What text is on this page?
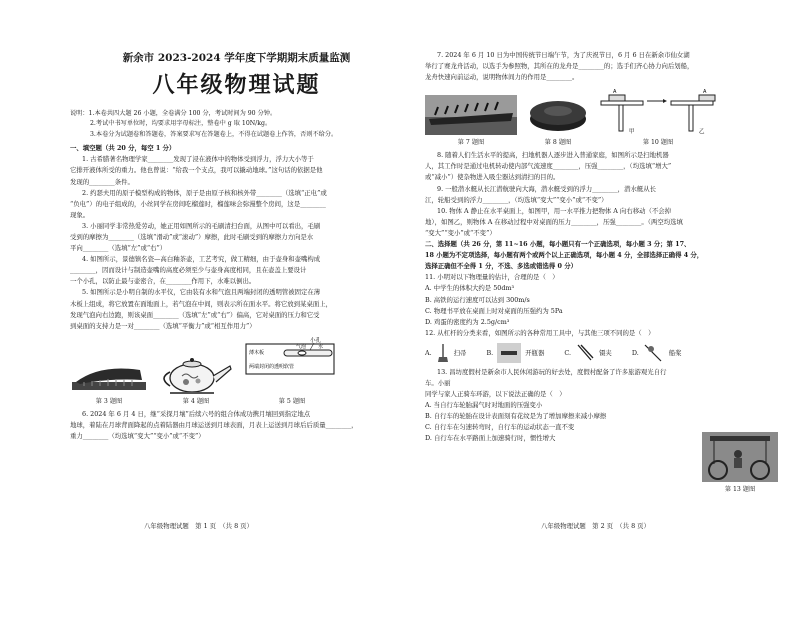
新余市 2023-2024 学年度下学期期末质量监测

八年级物理试题

说明：1.本卷共四大题 26 小题，全卷满分 100 分，考试时间为 90 分钟。

2.考试中书写单位时，均要求用字母标注，整卷中 g 取 10N/kg。

3.本卷分为试题卷和答题卷，答案要求写在答题卷上，不得在试题卷上作答，否则不给分。

一、填空题（共 20 分，每空 1 分）

1. 古希腊著名物理学家________发现了浸在液体中的物体受到浮力，浮力大小等于

它排开液体所受的重力。他也曾说：“给我一个支点，我可以撬动地球。”这句话的依据是他

发现的________条件。

2. 约瑟夫用的原子模型构成的物体，原子是由原子核和核外带________（选填“正电”或

“负电”）的电子组成的，小丝同学在房间吃榴莲时，榴莲味会弥漫整个房间，这是________

现象。

3. 小丽同学非常热爱劳动，她正用如图所示的毛刷清扫台面，从图中可以看出，毛刷

受到的摩擦为________（选填“滑动”或“滚动”）摩擦，此时毛刷受到的摩擦力方向是水

平向________（选填“左”或“右”）

4. 如图所示，景德镇名瓷—高白釉茶壶，工艺考究，做工精细，由于壶身和壶嘴构成

________，因而设计与制造壶嘴的高度必须至少与壶身高度相同，且在壶盖上要设计

一个小孔，以防止最与壶密合，在________作用下，水难以倒出。

5. 如图所示是小明自制的水平仪，它由装有水和气泡且两端封闭的透明管被固定在薄

木板上组成，将它放置在面地面上，若气泡在中间，则表示所在面水平。将它放到某桌面上，

发现气泡向右边跑，则该桌面________（选填“左”或“右”）偏高，它对桌面的压力和它受

到桌面的支持力是一对________（选填“平衡力”或“相互作用力”）

第 3 题图	第 4 题图
小孔
薄木板
气泡 水
两端封闭的透明软管
第 5 题图

6. 2024 年 6 月 4 日，继“采探月壤”后续六号的组合体成功携月壤回到指定地点

地球，着陆在月球背面降起的点着陆器由月球运送到月球表面，月表上运送到月球后后质量________，

重力________（均选填“变大”“变小”或“不变”）

八年级物理试题　第 1 页　（共 8 页）

7. 2024 年 6 月 10 日为中国传统节日端午节，为了庆祝节日，6 月 6 日在新余市仙女湖

举行了赛龙舟活动，以选手为参照物，其所在的龙舟是________的；选手们齐心协力向后划船，

龙舟快速向前运动，说明物体间力的作用是________。

第 7 题图	第 8 题图
A	A
甲	乙
第 10 题图

8. 随着人们生活水平的提高，扫地机器人逐步进入普通家庭，如图所示是扫地机器

人，其工作时是通过电机转动使内部气流速度________，压强________，（均选填“增大”

或“减小”）使杂物进入吸尘器达到清扫的目的。

9. 一般潜水艇从长江潜航驶向大海，潜水艇受到的浮力________，潜水艇从长

江，轮船受到的浮力________，（均选填“变大”“变小”或“不变”）

10. 物体 A 静止在水平桌面上，如图甲，用一水平推力把物体 A 向右移动（不会掉

地），如图乙，则物体 A 在移动过程中对桌面的压力________，压强________。（两空均选填

“变大”“变小”或“不变”）

二、选择题（共 26 分，第 11~16 小题，每小题只有一个正确选项，每小题 3 分；第 17、

18 小题为不定项选择，每小题有两个或两个以上正确选项，每小题 4 分，全部选择正确得 4 分，

选择正确但不全得 1 分，不选、多选或错选得 0 分）

11. 小明对以下物理量的估计，合理的是（　）

A. 中学生的体积大约是 50dm³

B. 高铁的运行速度可以达到 300m/s

C. 物理书平放在桌面上时对桌面的压强约为 5Pa

D. 鸡蛋的密度约为 2.5g/cm³

12. 从杠杆的分类来看，如图所示的各种常用工具中，与其他三项不同的是（　）

A.	扫帚	B.	开瓶器	C.	镊夹	D.	船桨

13. 昌坊度假村是新余市人民休闲游玩的好去处，度假村配备了许多旅游观光自行车。小丽

同学与家人正骑车环游，以下说法正确的是（　）

A. 当自行车轮胎漏气时对地面的压强变小

B. 自行车的轮胎在设计表面刻有花纹是为了增加摩擦来减小摩擦

C. 自行车在匀速转弯时，自行车的运动状态一直不变

D. 自行车在水平路面上加速骑行时，惯性增大

第 13 题图

八年级物理试题　第 2 页　（共 8 页）
